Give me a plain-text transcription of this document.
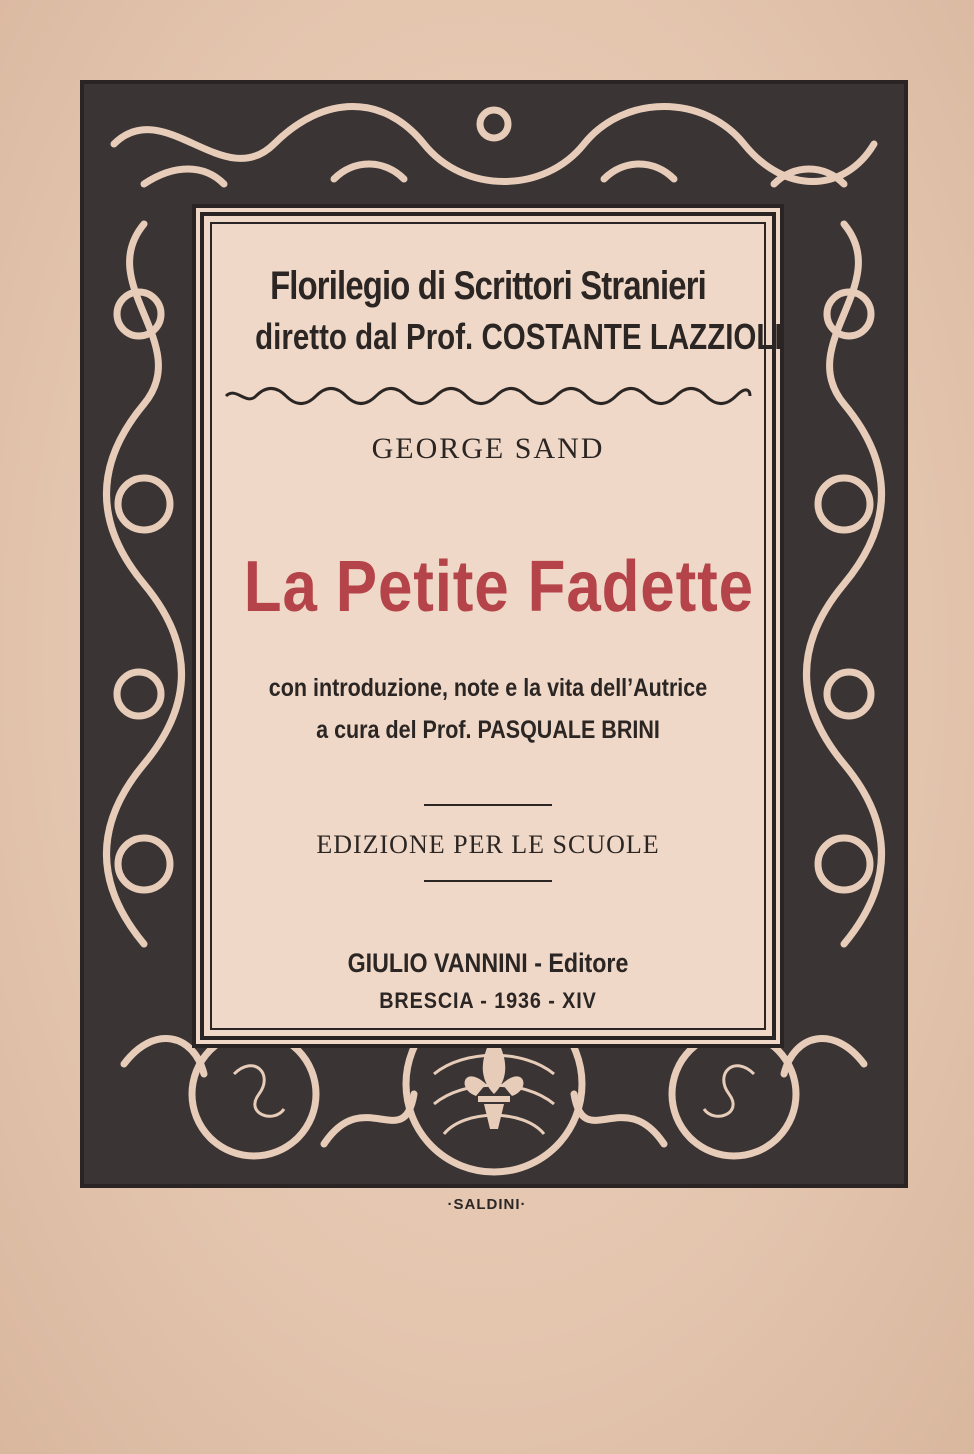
Florilegio di Scrittori Stranieri
diretto dal Prof. COSTANTE LAZZIOLI
GEORGE SAND
La Petite Fadette
con introduzione, note e la vita dell’Autrice
a cura del Prof. PASQUALE BRINI
EDIZIONE PER LE SCUOLE
GIULIO VANNINI - Editore
BRESCIA - 1936 - XIV
·SALDINI·
